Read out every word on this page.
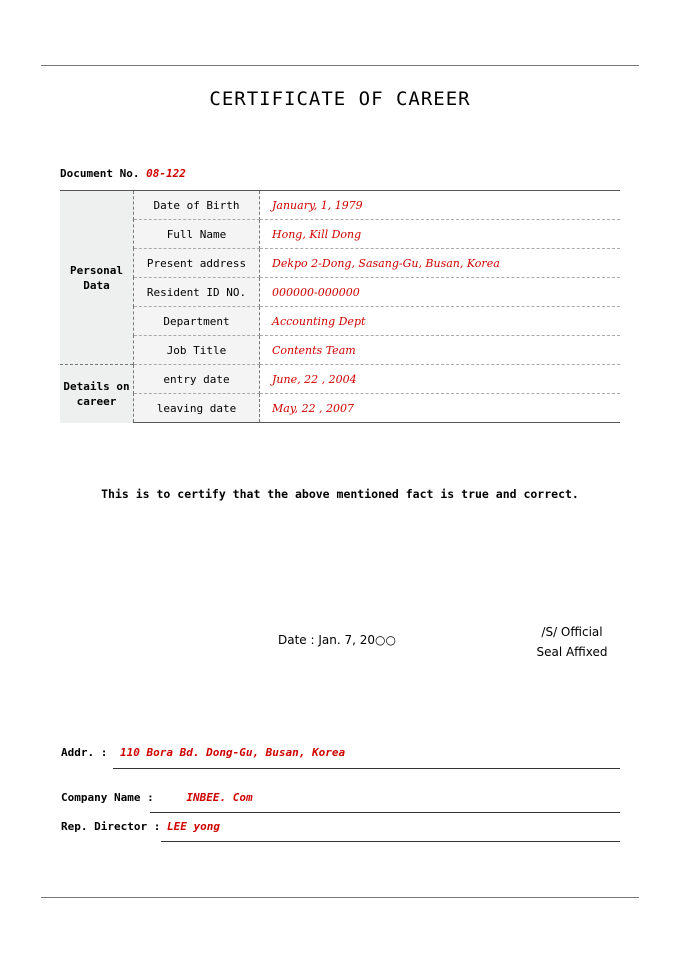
CERTIFICATE OF CAREER
Document No. 08-122
Personal Data	Date of Birth	January, 1, 1979
	Full Name	Hong, Kill Dong
	Present address	Dekpo 2-Dong, Sasang-Gu, Busan, Korea
	Resident ID NO.	000000-000000
	Department	Accounting Dept
	Job Title	Contents Team
Details on career	entry date	June, 22 , 2004
	leaving date	May, 22 , 2007
This is to certify that the above mentioned fact is true and correct.
Date : Jan. 7, 20○○
/S/ Official
Seal Affixed
Addr. : 110 Bora Bd. Dong-Gu, Busan, Korea
Company Name :	INBEE. Com
Rep. Director : LEE yong
